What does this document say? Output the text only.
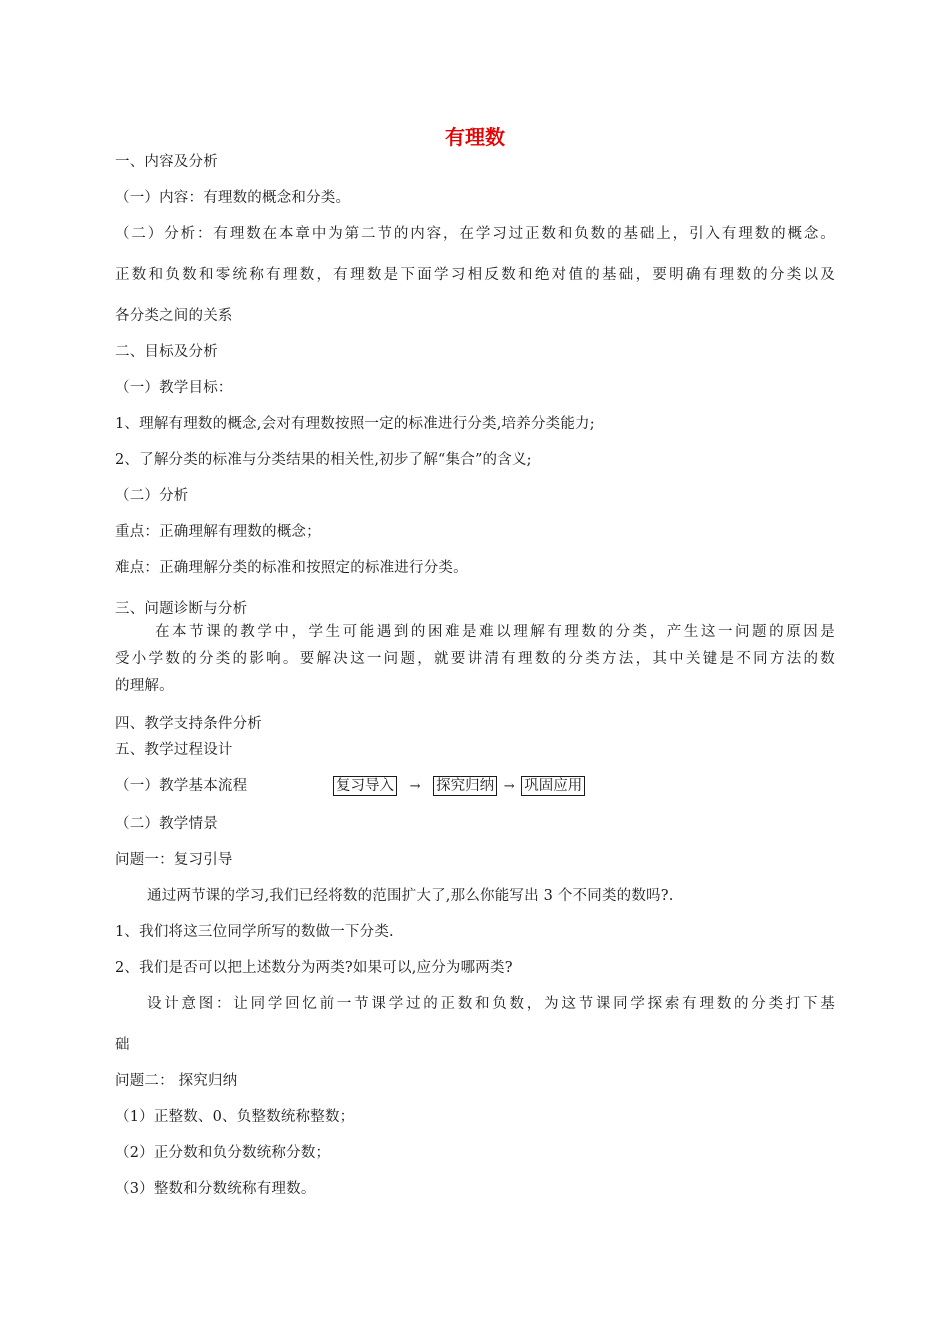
有理数
一、内容及分析
（一）内容：有理数的概念和分类。
（二）分析：有理数在本章中为第二节的内容，在学习过正数和负数的基础上，引入有理数的概念。
正数和负数和零统称有理数，有理数是下面学习相反数和绝对值的基础，要明确有理数的分类以及
各分类之间的关系
二、目标及分析
（一）教学目标：
1、理解有理数的概念,会对有理数按照一定的标准进行分类,培养分类能力;
2、了解分类的标准与分类结果的相关性,初步了解“集合”的含义;
（二）分析
重点：正确理解有理数的概念；
难点：正确理解分类的标准和按照定的标准进行分类。
三、问题诊断与分析
在本节课的教学中，学生可能遇到的困难是难以理解有理数的分类，产生这一问题的原因是
受小学数的分类的影响。要解决这一问题，就要讲清有理数的分类方法，其中关键是不同方法的数
的理解。
四、教学支持条件分析
五、教学过程设计
（一）教学基本流程	复习导入 → 探究归纳 → 巩固应用
（二）教学情景
问题一：复习引导
通过两节课的学习,我们已经将数的范围扩大了,那么你能写出 3 个不同类的数吗?.
1、我们将这三位同学所写的数做一下分类.
2、我们是否可以把上述数分为两类?如果可以,应分为哪两类?
设计意图：让同学回忆前一节课学过的正数和负数，为这节课同学探索有理数的分类打下基
础
问题二： 探究归纳
（1）正整数、0、负整数统称整数；
（2）正分数和负分数统称分数；
（3）整数和分数统称有理数。
